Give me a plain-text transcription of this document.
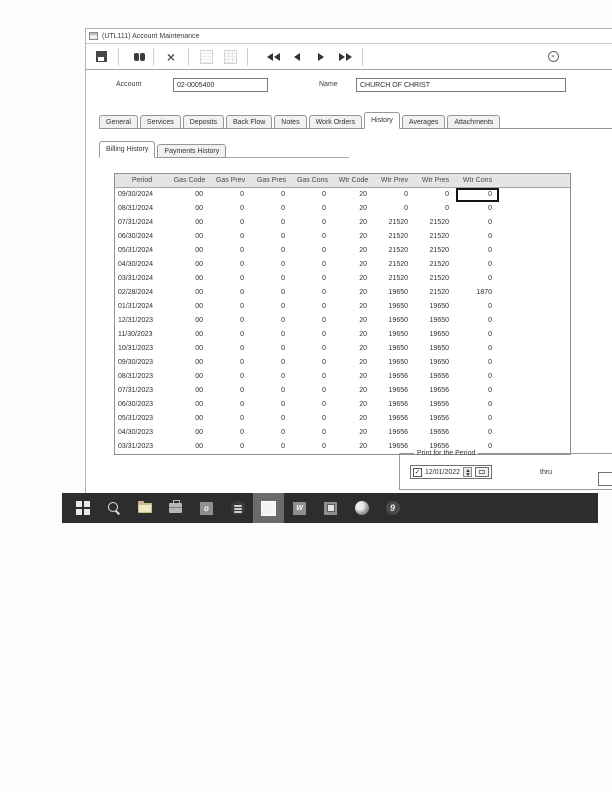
(UTL111) Account Maintenance
×
✕
Account	02-0005400	Name	CHURCH OF CHRIST
General	Services	Deposits	Back Flow	Notes	Work Orders	History	Averages	Attachments
Billing History	Payments History
Period	Gas Code	Gas Prev	Gas Pres	Gas Cons	Wtr Code	Wtr Prev	Wtr Pres	Wtr Cons
09/30/2024	00	0	0	0	20	0	0	0
08/31/2024	00	0	0	0	20	0	0	0
07/31/2024	00	0	0	0	20	21520	21520	0
06/30/2024	00	0	0	0	20	21520	21520	0
05/31/2024	00	0	0	0	20	21520	21520	0
04/30/2024	00	0	0	0	20	21520	21520	0
03/31/2024	00	0	0	0	20	21520	21520	0
02/28/2024	00	0	0	0	20	19650	21520	1870
01/31/2024	00	0	0	0	20	19650	19650	0
12/31/2023	00	0	0	0	20	19650	19650	0
11/30/2023	00	0	0	0	20	19650	19650	0
10/31/2023	00	0	0	0	20	19650	19650	0
09/30/2023	00	0	0	0	20	19650	19650	0
08/31/2023	00	0	0	0	20	19656	19656	0
07/31/2023	00	0	0	0	20	19656	19656	0
06/30/2023	00	0	0	0	20	19656	19656	0
05/31/2023	00	0	0	0	20	19656	19656	0
04/30/2023	00	0	0	0	20	19656	19656	0
03/31/2023	00	0	0	0	20	19656	19656	0
Print for the Period
✓
12/01/2022	thru
o
W
9
